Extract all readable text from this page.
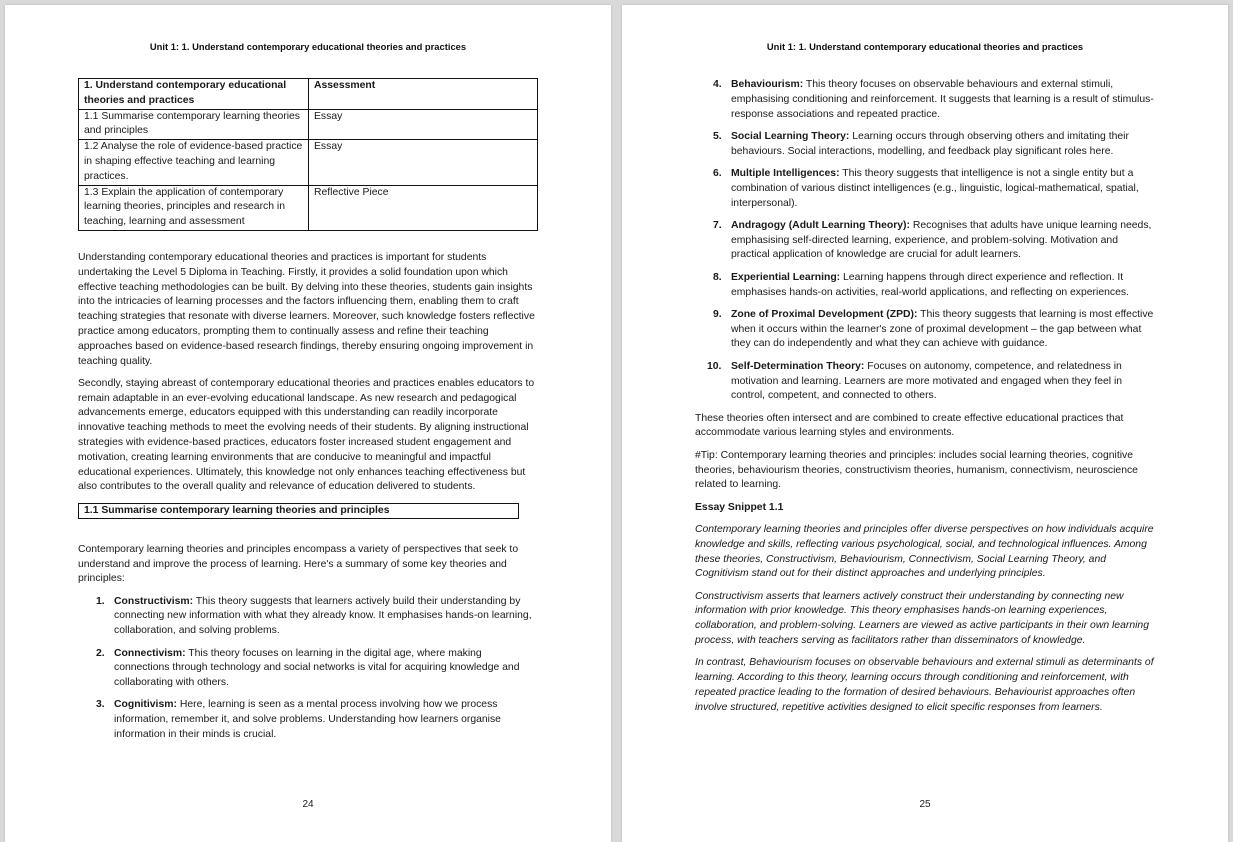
Unit 1: 1. Understand contemporary educational theories and practices
1. Understand contemporary educational theories and practices	Assessment
1.1 Summarise contemporary learning theories and principles	Essay
1.2 Analyse the role of evidence-based practice in shaping effective teaching and learning practices.	Essay
1.3 Explain the application of contemporary learning theories, principles and research in teaching, learning and assessment	Reflective Piece

Understanding contemporary educational theories and practices is important for students undertaking the Level 5 Diploma in Teaching. Firstly, it provides a solid foundation upon which effective teaching methodologies can be built. By delving into these theories, students gain insights into the intricacies of learning processes and the factors influencing them, enabling them to craft teaching strategies that resonate with diverse learners. Moreover, such knowledge fosters reflective practice among educators, prompting them to continually assess and refine their teaching approaches based on evidence-based research findings, thereby ensuring ongoing improvement in teaching quality.

Secondly, staying abreast of contemporary educational theories and practices enables educators to remain adaptable in an ever-evolving educational landscape. As new research and pedagogical advancements emerge, educators equipped with this understanding can readily incorporate innovative teaching methods to meet the evolving needs of their students. By aligning instructional strategies with evidence-based practices, educators foster increased student engagement and motivation, creating learning environments that are conducive to meaningful and impactful educational experiences. Ultimately, this knowledge not only enhances teaching effectiveness but also contributes to the overall quality and relevance of education delivered to students.

1.1 Summarise contemporary learning theories and principles

Contemporary learning theories and principles encompass a variety of perspectives that seek to understand and improve the process of learning. Here's a summary of some key theories and principles:

1. Constructivism: This theory suggests that learners actively build their understanding by connecting new information with what they already know. It emphasises hands-on learning, collaboration, and solving problems.
2. Connectivism: This theory focuses on learning in the digital age, where making connections through technology and social networks is vital for acquiring knowledge and collaborating with others.
3. Cognitivism: Here, learning is seen as a mental process involving how we process information, remember it, and solve problems. Understanding how learners organise information in their minds is crucial.
24
Unit 1: 1. Understand contemporary educational theories and practices
4. Behaviourism: This theory focuses on observable behaviours and external stimuli, emphasising conditioning and reinforcement. It suggests that learning is a result of stimulus-response associations and repeated practice.
5. Social Learning Theory: Learning occurs through observing others and imitating their behaviours. Social interactions, modelling, and feedback play significant roles here.
6. Multiple Intelligences: This theory suggests that intelligence is not a single entity but a combination of various distinct intelligences (e.g., linguistic, logical-mathematical, spatial, interpersonal).
7. Andragogy (Adult Learning Theory): Recognises that adults have unique learning needs, emphasising self-directed learning, experience, and problem-solving. Motivation and practical application of knowledge are crucial for adult learners.
8. Experiential Learning: Learning happens through direct experience and reflection. It emphasises hands-on activities, real-world applications, and reflecting on experiences.
9. Zone of Proximal Development (ZPD): This theory suggests that learning is most effective when it occurs within the learner's zone of proximal development – the gap between what they can do independently and what they can achieve with guidance.
10. Self-Determination Theory: Focuses on autonomy, competence, and relatedness in motivation and learning. Learners are more motivated and engaged when they feel in control, competent, and connected to others.

These theories often intersect and are combined to create effective educational practices that accommodate various learning styles and environments.

#Tip: Contemporary learning theories and principles: includes social learning theories, cognitive theories, behaviourism theories, constructivism theories, humanism, connectivism, neuroscience related to learning.

Essay Snippet 1.1

Contemporary learning theories and principles offer diverse perspectives on how individuals acquire knowledge and skills, reflecting various psychological, social, and technological influences. Among these theories, Constructivism, Behaviourism, Connectivism, Social Learning Theory, and Cognitivism stand out for their distinct approaches and underlying principles.

Constructivism asserts that learners actively construct their understanding by connecting new information with prior knowledge. This theory emphasises hands-on learning experiences, collaboration, and problem-solving. Learners are viewed as active participants in their own learning process, with teachers serving as facilitators rather than disseminators of knowledge.

In contrast, Behaviourism focuses on observable behaviours and external stimuli as determinants of learning. According to this theory, learning occurs through conditioning and reinforcement, with repeated practice leading to the formation of desired behaviours. Behaviourist approaches often involve structured, repetitive activities designed to elicit specific responses from learners.

25
